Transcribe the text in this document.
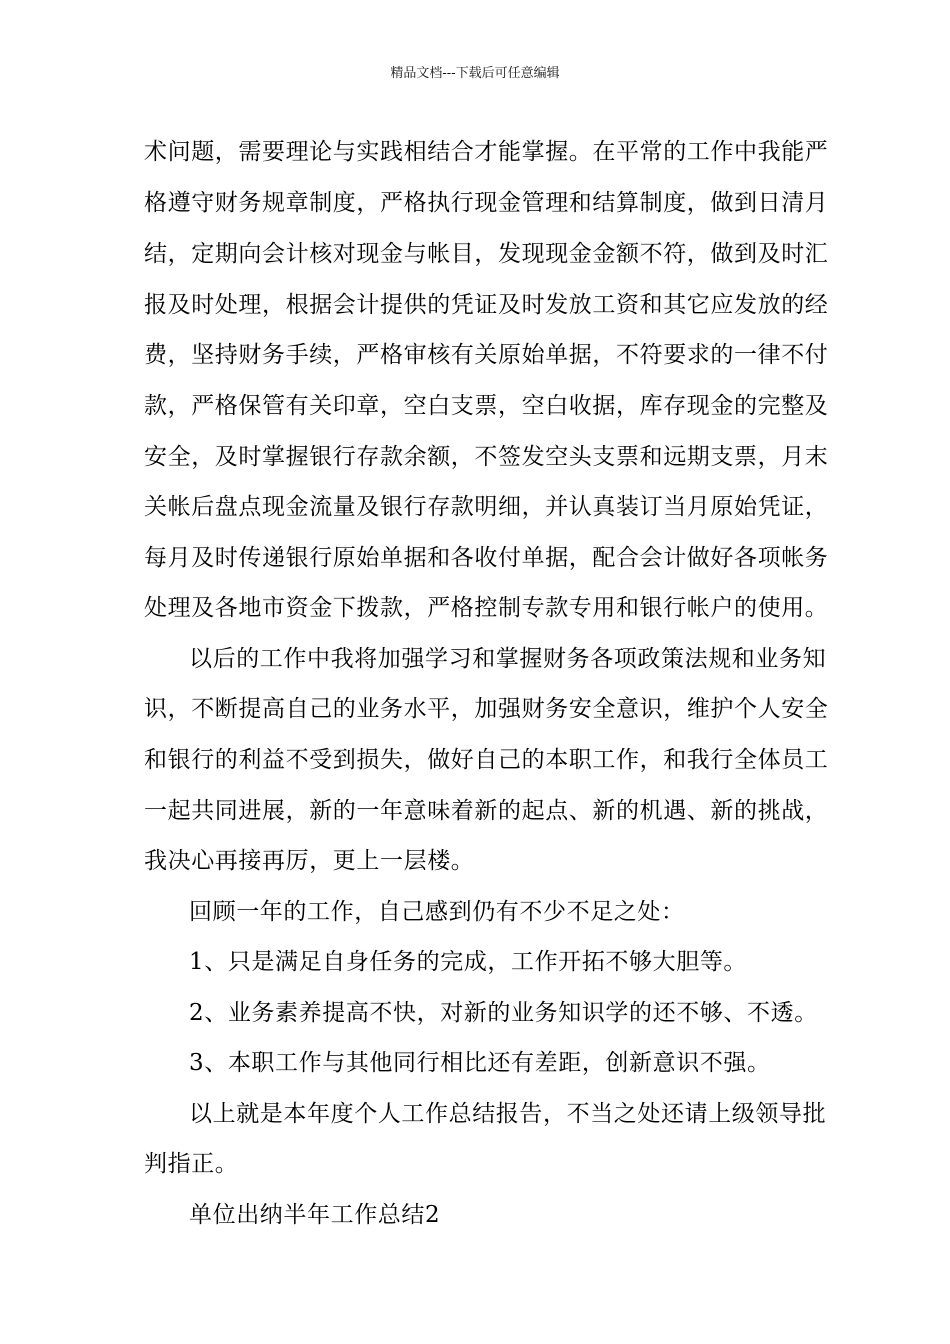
精品文档---下载后可任意编辑
术问题，需要理论与实践相结合才能掌握。在平常的工作中我能严
格遵守财务规章制度，严格执行现金管理和结算制度，做到日清月
结，定期向会计核对现金与帐目，发现现金金额不符，做到及时汇
报及时处理，根据会计提供的凭证及时发放工资和其它应发放的经
费，坚持财务手续，严格审核有关原始单据，不符要求的一律不付
款，严格保管有关印章，空白支票，空白收据，库存现金的完整及
安全，及时掌握银行存款余额，不签发空头支票和远期支票，月末
关帐后盘点现金流量及银行存款明细，并认真装订当月原始凭证，
每月及时传递银行原始单据和各收付单据，配合会计做好各项帐务
处理及各地市资金下拨款，严格控制专款专用和银行帐户的使用。
以后的工作中我将加强学习和掌握财务各项政策法规和业务知
识，不断提高自己的业务水平，加强财务安全意识，维护个人安全
和银行的利益不受到损失，做好自己的本职工作，和我行全体员工
一起共同进展，新的一年意味着新的起点、新的机遇、新的挑战，
我决心再接再厉，更上一层楼。
回顾一年的工作，自己感到仍有不少不足之处：
1、只是满足自身任务的完成，工作开拓不够大胆等。
2、业务素养提高不快，对新的业务知识学的还不够、不透。
3、本职工作与其他同行相比还有差距，创新意识不强。
以上就是本年度个人工作总结报告，不当之处还请上级领导批
判指正。
单位出纳半年工作总结2
